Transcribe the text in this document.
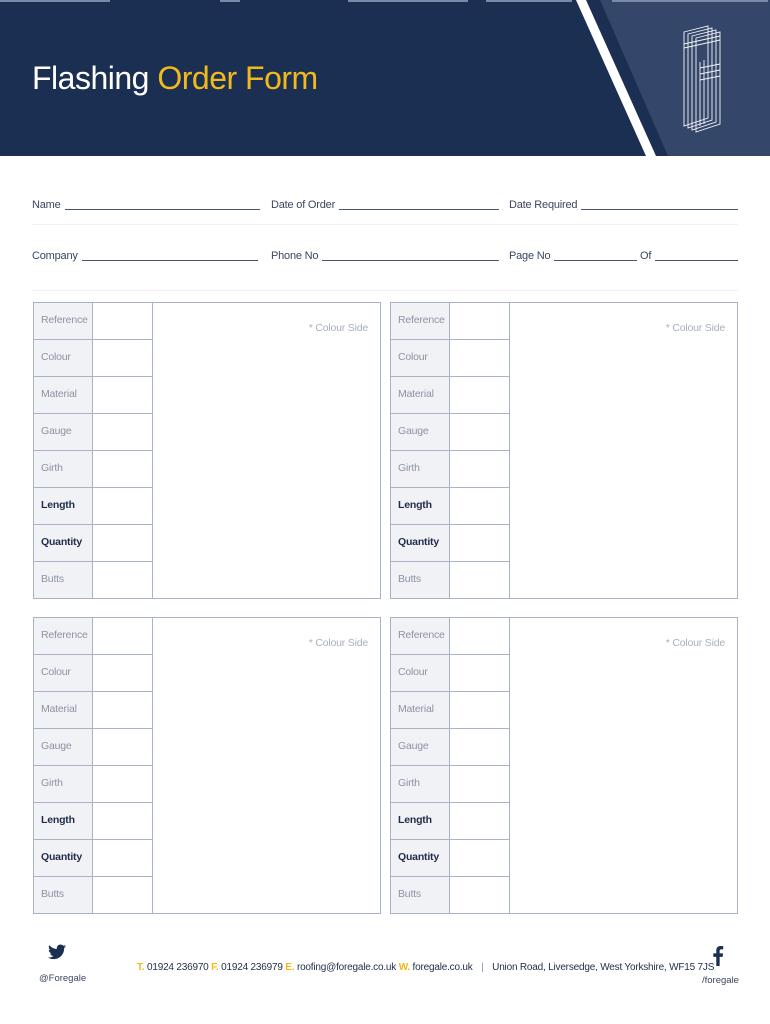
Flashing Order Form
Name	Date of Order	Date Required
Company	Phone No	Page No	Of
Reference
Colour
Material
Gauge
Girth
Length
Quantity
Butts
* Colour Side
Reference
Colour
Material
Gauge
Girth
Length
Quantity
Butts
* Colour Side
Reference
Colour
Material
Gauge
Girth
Length
Quantity
Butts
* Colour Side
Reference
Colour
Material
Gauge
Girth
Length
Quantity
Butts
* Colour Side
@Foregale
T. 01924 236970 F. 01924 236979 E. roofing@foregale.co.uk W. foregale.co.uk | Union Road, Liversedge, West Yorkshire, WF15 7JS
/foregale
